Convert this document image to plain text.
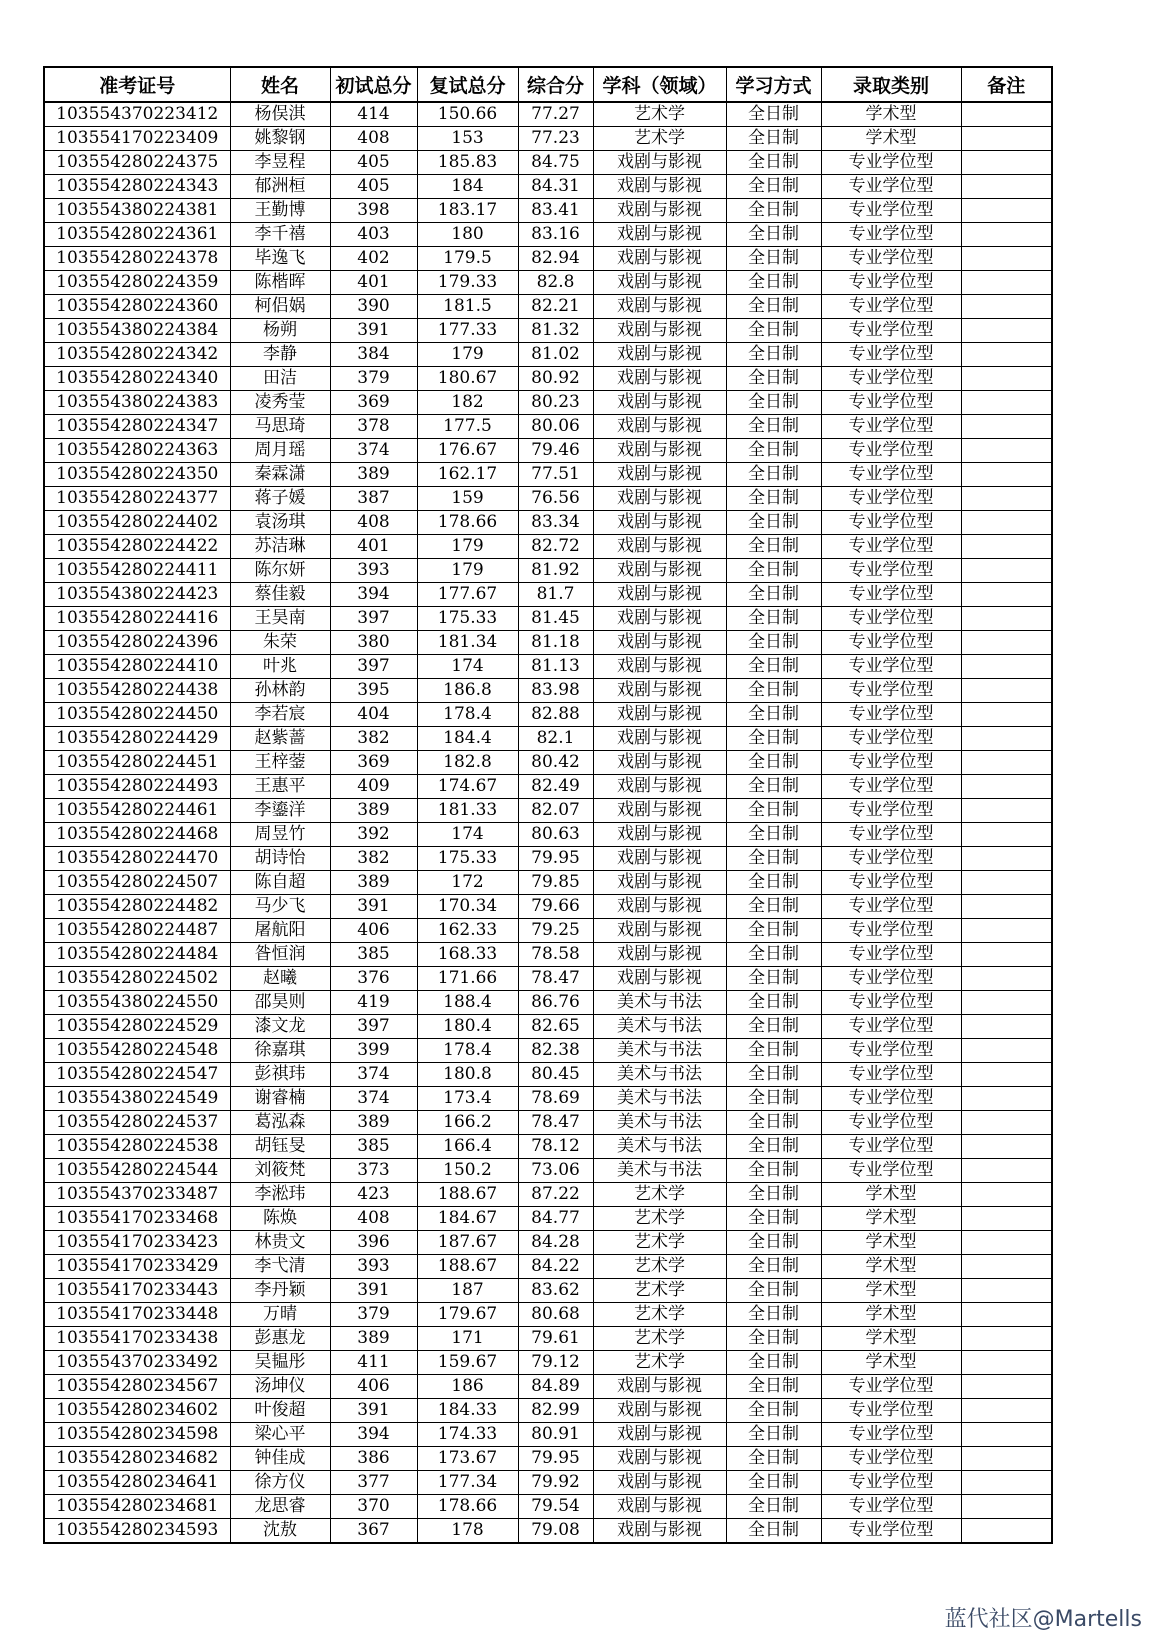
准考证号	姓名	初试总分	复试总分	综合分	学科（领域）	学习方式	录取类别	备注
103554370223412	杨俣淇	414	150.66	77.27	艺术学	全日制	学术型	
103554170223409	姚黎钢	408	153	77.23	艺术学	全日制	学术型	
103554280224375	李昱程	405	185.83	84.75	戏剧与影视	全日制	专业学位型	
103554280224343	郁洲桓	405	184	84.31	戏剧与影视	全日制	专业学位型	
103554380224381	王勤博	398	183.17	83.41	戏剧与影视	全日制	专业学位型	
103554280224361	李千禧	403	180	83.16	戏剧与影视	全日制	专业学位型	
103554280224378	毕逸飞	402	179.5	82.94	戏剧与影视	全日制	专业学位型	
103554280224359	陈楷晖	401	179.33	82.8	戏剧与影视	全日制	专业学位型	
103554280224360	柯侣娲	390	181.5	82.21	戏剧与影视	全日制	专业学位型	
103554380224384	杨朔	391	177.33	81.32	戏剧与影视	全日制	专业学位型	
103554280224342	李静	384	179	81.02	戏剧与影视	全日制	专业学位型	
103554280224340	田洁	379	180.67	80.92	戏剧与影视	全日制	专业学位型	
103554380224383	凌秀莹	369	182	80.23	戏剧与影视	全日制	专业学位型	
103554280224347	马思琦	378	177.5	80.06	戏剧与影视	全日制	专业学位型	
103554280224363	周月瑶	374	176.67	79.46	戏剧与影视	全日制	专业学位型	
103554280224350	秦霖潇	389	162.17	77.51	戏剧与影视	全日制	专业学位型	
103554280224377	蒋子媛	387	159	76.56	戏剧与影视	全日制	专业学位型	
103554280224402	袁汤琪	408	178.66	83.34	戏剧与影视	全日制	专业学位型	
103554280224422	苏洁琳	401	179	82.72	戏剧与影视	全日制	专业学位型	
103554280224411	陈尔妍	393	179	81.92	戏剧与影视	全日制	专业学位型	
103554380224423	蔡佳毅	394	177.67	81.7	戏剧与影视	全日制	专业学位型	
103554280224416	王昊南	397	175.33	81.45	戏剧与影视	全日制	专业学位型	
103554280224396	朱荣	380	181.34	81.18	戏剧与影视	全日制	专业学位型	
103554280224410	叶兆	397	174	81.13	戏剧与影视	全日制	专业学位型	
103554280224438	孙林韵	395	186.8	83.98	戏剧与影视	全日制	专业学位型	
103554280224450	李若宸	404	178.4	82.88	戏剧与影视	全日制	专业学位型	
103554280224429	赵紫蔷	382	184.4	82.1	戏剧与影视	全日制	专业学位型	
103554280224451	王梓蓥	369	182.8	80.42	戏剧与影视	全日制	专业学位型	
103554280224493	王惠平	409	174.67	82.49	戏剧与影视	全日制	专业学位型	
103554280224461	李鎏洋	389	181.33	82.07	戏剧与影视	全日制	专业学位型	
103554280224468	周昱竹	392	174	80.63	戏剧与影视	全日制	专业学位型	
103554280224470	胡诗怡	382	175.33	79.95	戏剧与影视	全日制	专业学位型	
103554280224507	陈自超	389	172	79.85	戏剧与影视	全日制	专业学位型	
103554280224482	马少飞	391	170.34	79.66	戏剧与影视	全日制	专业学位型	
103554280224487	屠航阳	406	162.33	79.25	戏剧与影视	全日制	专业学位型	
103554280224484	昝恒润	385	168.33	78.58	戏剧与影视	全日制	专业学位型	
103554280224502	赵曦	376	171.66	78.47	戏剧与影视	全日制	专业学位型	
103554380224550	邵昊则	419	188.4	86.76	美术与书法	全日制	专业学位型	
103554280224529	漆文龙	397	180.4	82.65	美术与书法	全日制	专业学位型	
103554280224548	徐嘉琪	399	178.4	82.38	美术与书法	全日制	专业学位型	
103554280224547	彭祺玮	374	180.8	80.45	美术与书法	全日制	专业学位型	
103554380224549	谢睿楠	374	173.4	78.69	美术与书法	全日制	专业学位型	
103554280224537	葛泓森	389	166.2	78.47	美术与书法	全日制	专业学位型	
103554280224538	胡钰旻	385	166.4	78.12	美术与书法	全日制	专业学位型	
103554280224544	刘筱梵	373	150.2	73.06	美术与书法	全日制	专业学位型	
103554370233487	李淞玮	423	188.67	87.22	艺术学	全日制	学术型	
103554170233468	陈焕	408	184.67	84.77	艺术学	全日制	学术型	
103554170233423	林贵文	396	187.67	84.28	艺术学	全日制	学术型	
103554170233429	李弋清	393	188.67	84.22	艺术学	全日制	学术型	
103554170233443	李丹颖	391	187	83.62	艺术学	全日制	学术型	
103554170233448	万晴	379	179.67	80.68	艺术学	全日制	学术型	
103554170233438	彭惠龙	389	171	79.61	艺术学	全日制	学术型	
103554370233492	吴韫彤	411	159.67	79.12	艺术学	全日制	学术型	
103554280234567	汤坤仪	406	186	84.89	戏剧与影视	全日制	专业学位型	
103554280234602	叶俊超	391	184.33	82.99	戏剧与影视	全日制	专业学位型	
103554280234598	梁心平	394	174.33	80.91	戏剧与影视	全日制	专业学位型	
103554280234682	钟佳成	386	173.67	79.95	戏剧与影视	全日制	专业学位型	
103554280234641	徐方仪	377	177.34	79.92	戏剧与影视	全日制	专业学位型	
103554280234681	龙思睿	370	178.66	79.54	戏剧与影视	全日制	专业学位型	
103554280234593	沈敖	367	178	79.08	戏剧与影视	全日制	专业学位型	
蓝代社区@Martells
